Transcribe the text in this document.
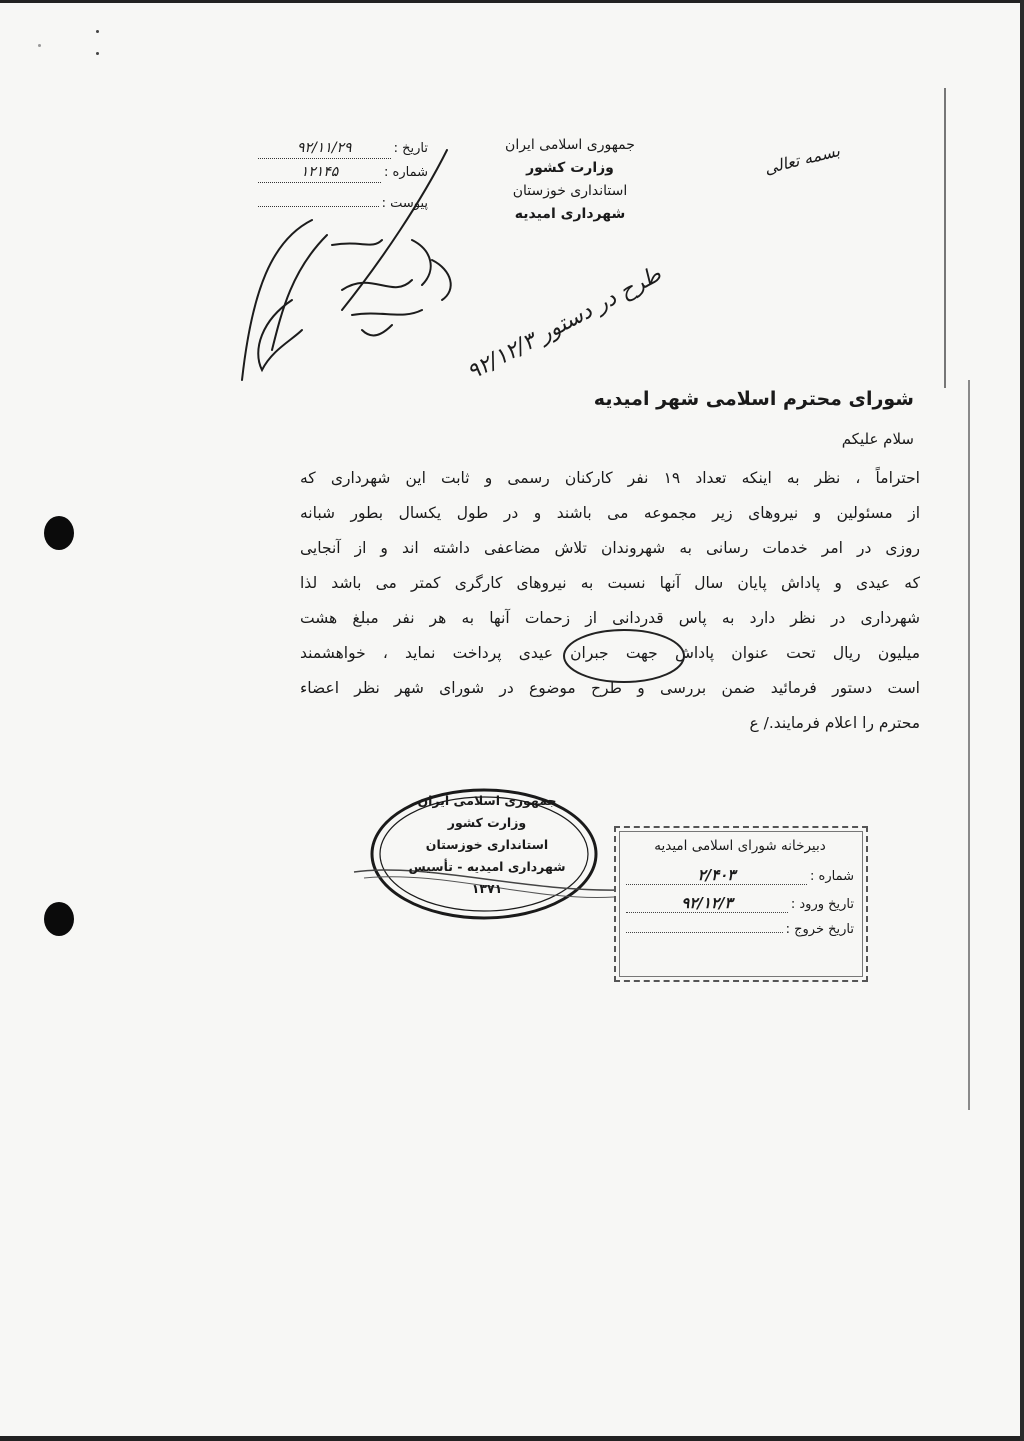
بسمه تعالی
جمهوری اسلامی ایران
وزارت کشور
استانداری خوزستان
شهرداری امیدیه
تاریخ :
۹۲/۱۱/۲۹
شماره :
۱۲۱۴۵
پیوست :
طرح در دستور ۹۲/۱۲/۳
شورای محترم اسلامی شهر امیدیه
سلام علیکم
احتراماً ، نظر به اینکه تعداد ۱۹ نفر کارکنان رسمی و ثابت این شهرداری که
از مسئولین و نیروهای زیر مجموعه می باشند و در طول یکسال بطور شبانه
روزی در امر خدمات رسانی به شهروندان تلاش مضاعفی داشته اند و از آنجایی
که عیدی و پاداش پایان سال آنها نسبت به نیروهای کارگری کمتر می باشد لذا
شهرداری در نظر دارد به پاس قدردانی از زحمات آنها به هر نفر مبلغ هشت
میلیون ریال تحت عنوان پاداش جهت جبران عیدی پرداخت نماید ، خواهشمند
است دستور فرمائید ضمن بررسی و طرح موضوع در شورای شهر نظر اعضاء
محترم را اعلام فرمایند./ ع
جمهوری اسلامی ایران
وزارت کشور
استانداری خوزستان
شهرداری امیدیه - تأسیس ۱۳۷۱
دبیرخانه شورای اسلامی امیدیه
شماره :
۲/۴۰۳
تاریخ ورود :
۹۲/۱۲/۳
تاریخ خروج :
